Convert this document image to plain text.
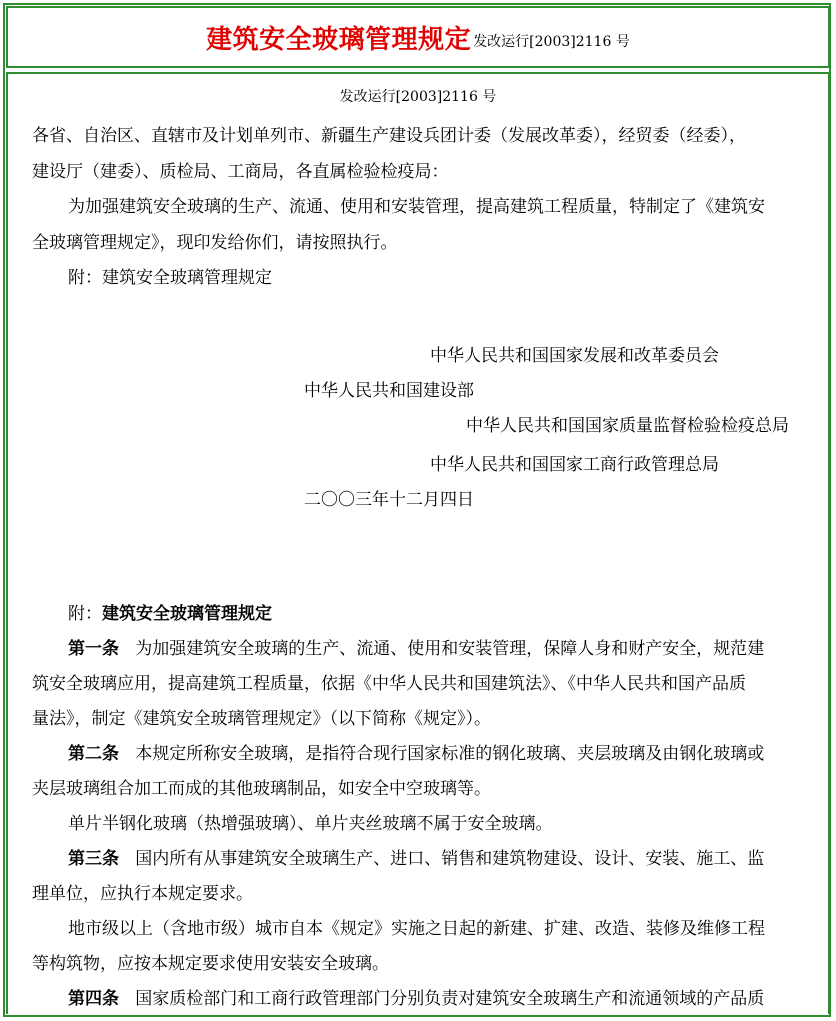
建筑安全玻璃管理规定 发改运行[2003]2116 号
发改运行[2003]2116 号
各省、自治区、直辖市及计划单列市、新疆生产建设兵团计委（发展改革委），经贸委（经委），
建设厅（建委）、质检局、工商局，各直属检验检疫局：
为加强建筑安全玻璃的生产、流通、使用和安装管理，提高建筑工程质量，特制定了《建筑安
全玻璃管理规定》，现印发给你们，请按照执行。
附：建筑安全玻璃管理规定
中华人民共和国国家发展和改革委员会
中华人民共和国建设部
中华人民共和国国家质量监督检验检疫总局
中华人民共和国国家工商行政管理总局
二〇〇三年十二月四日
附：建筑安全玻璃管理规定
第一条 为加强建筑安全玻璃的生产、流通、使用和安装管理，保障人身和财产安全，规范建
筑安全玻璃应用，提高建筑工程质量，依据《中华人民共和国建筑法》、《中华人民共和国产品质
量法》，制定《建筑安全玻璃管理规定》（以下简称《规定》）。
第二条 本规定所称安全玻璃，是指符合现行国家标准的钢化玻璃、夹层玻璃及由钢化玻璃或
夹层玻璃组合加工而成的其他玻璃制品，如安全中空玻璃等。
单片半钢化玻璃（热增强玻璃）、单片夹丝玻璃不属于安全玻璃。
第三条 国内所有从事建筑安全玻璃生产、进口、销售和建筑物建设、设计、安装、施工、监
理单位，应执行本规定要求。
地市级以上（含地市级）城市自本《规定》实施之日起的新建、扩建、改造、装修及维修工程
等构筑物，应按本规定要求使用安装安全玻璃。
第四条 国家质检部门和工商行政管理部门分别负责对建筑安全玻璃生产和流通领域的产品质
